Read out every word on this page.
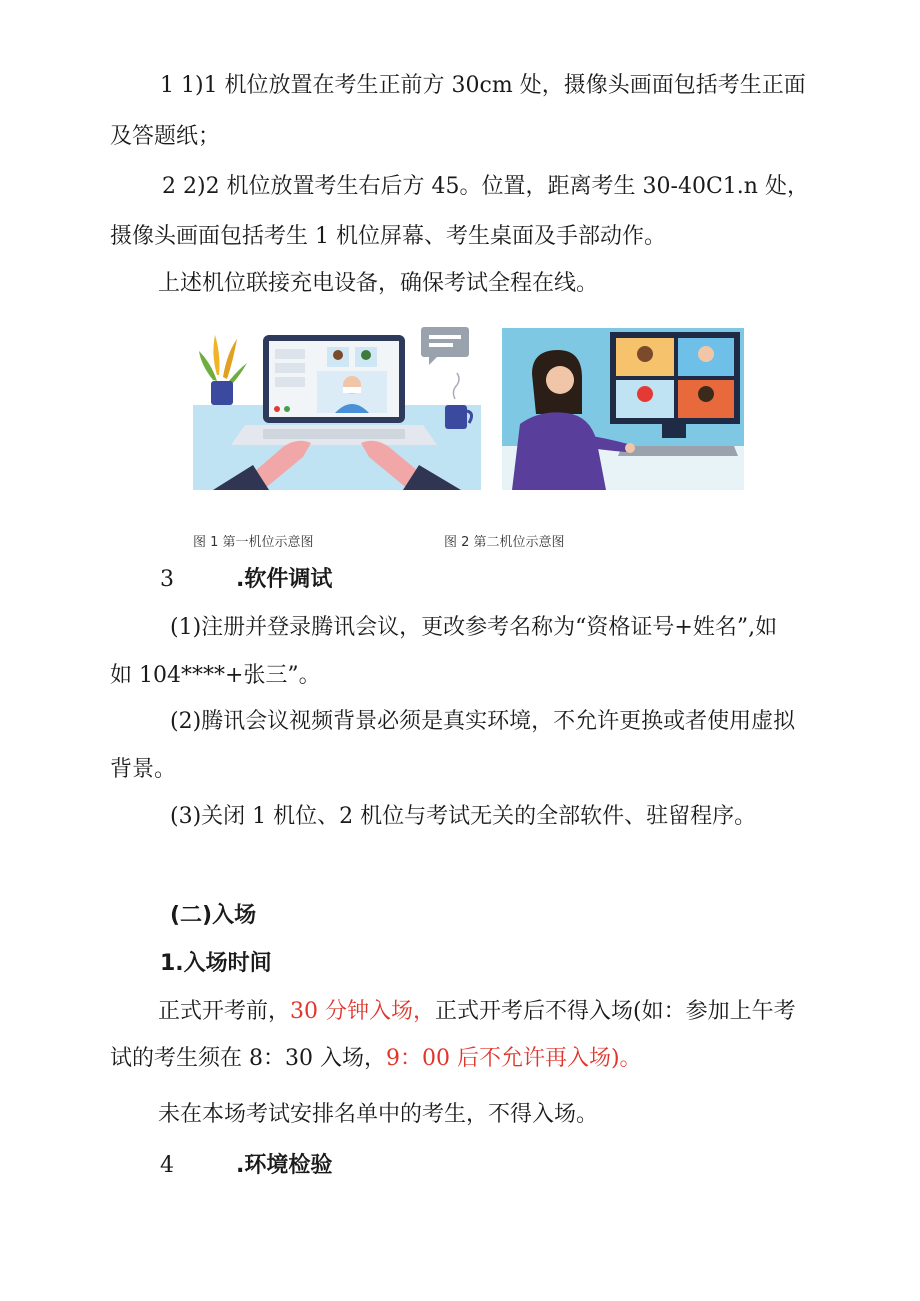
1 1)1 机位放置在考生正前方 30cm 处，摄像头画面包括考生正面

及答题纸；

2 2)2 机位放置考生右后方 45。位置，距离考生 30-40C1.n 处，

摄像头画面包括考生 1 机位屏幕、考生桌面及手部动作。

上述机位联接充电设备，确保考试全程在线。

图 1 第一机位示意图	图 2 第二机位示意图
3	.软件调试

(1)注册并登录腾讯会议，更改参考名称为“资格证号+姓名”,如

如 104****+张三”。

(2)腾讯会议视频背景必须是真实环境，不允许更换或者使用虚拟

背景。

(3)关闭 1 机位、2 机位与考试无关的全部软件、驻留程序。

(二)入场

1.入场时间

正式开考前，30 分钟入场，正式开考后不得入场(如：参加上午考

试的考生须在 8：30 入场，9：00 后不允许再入场)。

未在本场考试安排名单中的考生，不得入场。

4	.环境检验
